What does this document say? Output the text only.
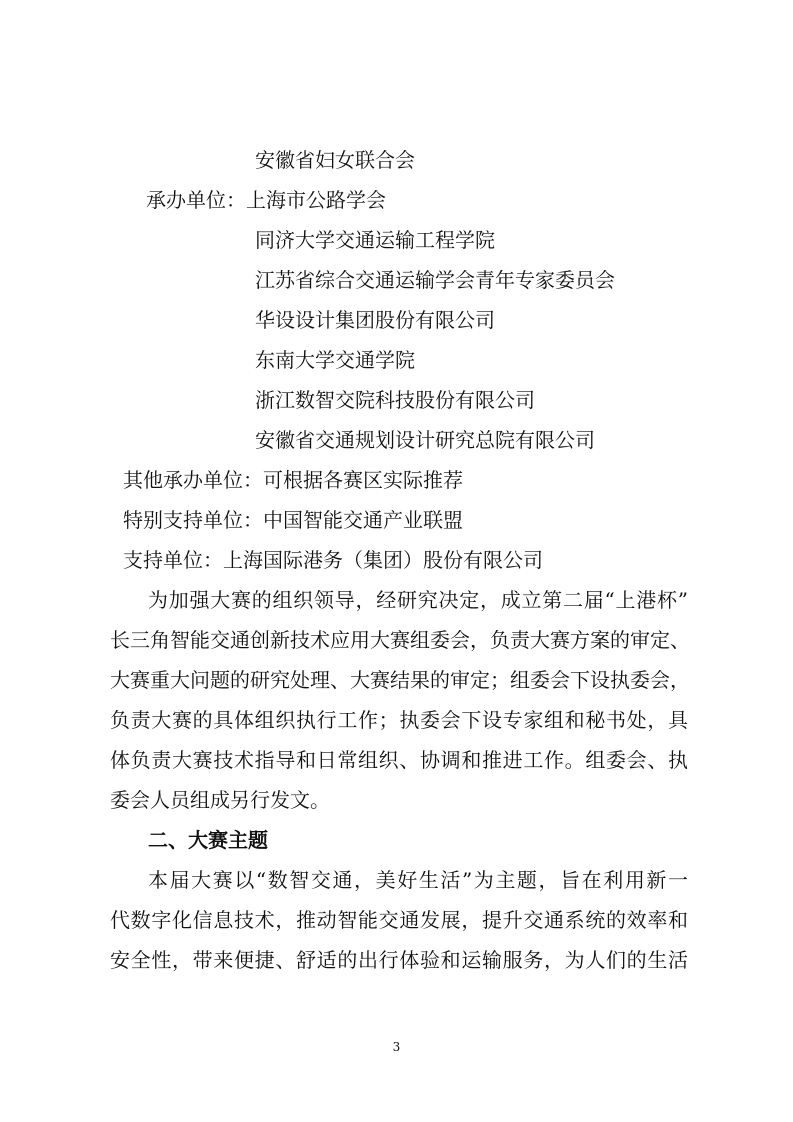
安徽省妇女联合会
承办单位：上海市公路学会
同济大学交通运输工程学院
江苏省综合交通运输学会青年专家委员会
华设设计集团股份有限公司
东南大学交通学院
浙江数智交院科技股份有限公司
安徽省交通规划设计研究总院有限公司
其他承办单位：可根据各赛区实际推荐
特别支持单位：中国智能交通产业联盟
支持单位：上海国际港务（集团）股份有限公司
为加强大赛的组织领导，经研究决定，成立第二届“上港杯”
长三角智能交通创新技术应用大赛组委会，负责大赛方案的审定、
大赛重大问题的研究处理、大赛结果的审定；组委会下设执委会，
负责大赛的具体组织执行工作；执委会下设专家组和秘书处，具
体负责大赛技术指导和日常组织、协调和推进工作。组委会、执
委会人员组成另行发文。
二、大赛主题
本届大赛以“数智交通，美好生活”为主题，旨在利用新一
代数字化信息技术，推动智能交通发展，提升交通系统的效率和
安全性，带来便捷、舒适的出行体验和运输服务，为人们的生活
3
